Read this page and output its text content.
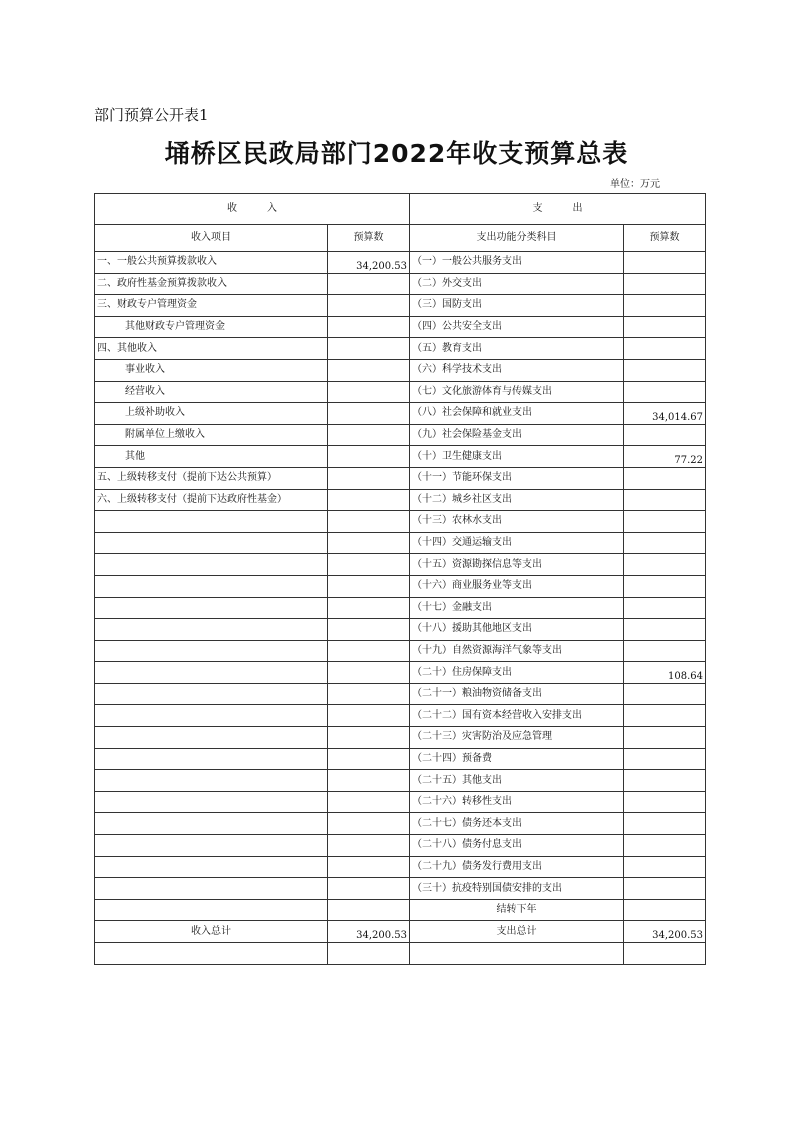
部门预算公开表1
埇桥区民政局部门2022年收支预算总表
单位：万元
收　　　入		支　　　出	
收入项目	预算数	支出功能分类科目	预算数
一、一般公共预算拨款收入	34,200.53	（一）一般公共服务支出	
二、政府性基金预算拨款收入		（二）外交支出	
三、财政专户管理资金		（三）国防支出	
其他财政专户管理资金		（四）公共安全支出	
四、其他收入		（五）教育支出	
事业收入		（六）科学技术支出	
经营收入		（七）文化旅游体育与传媒支出	
上级补助收入		（八）社会保障和就业支出	34,014.67
附属单位上缴收入		（九）社会保险基金支出	
其他		（十）卫生健康支出	77.22
五、上级转移支付（提前下达公共预算）		（十一）节能环保支出	
六、上级转移支付（提前下达政府性基金）		（十二）城乡社区支出	
		（十三）农林水支出	
		（十四）交通运输支出	
		（十五）资源勘探信息等支出	
		（十六）商业服务业等支出	
		（十七）金融支出	
		（十八）援助其他地区支出	
		（十九）自然资源海洋气象等支出	
		（二十）住房保障支出	108.64
		（二十一）粮油物资储备支出	
		（二十二）国有资本经营收入安排支出	
		（二十三）灾害防治及应急管理	
		（二十四）预备费	
		（二十五）其他支出	
		（二十六）转移性支出	
		（二十七）债务还本支出	
		（二十八）债务付息支出	
		（二十九）债务发行费用支出	
		（三十）抗疫特别国债安排的支出	
		结转下年	
收入总计	34,200.53	支出总计	34,200.53
